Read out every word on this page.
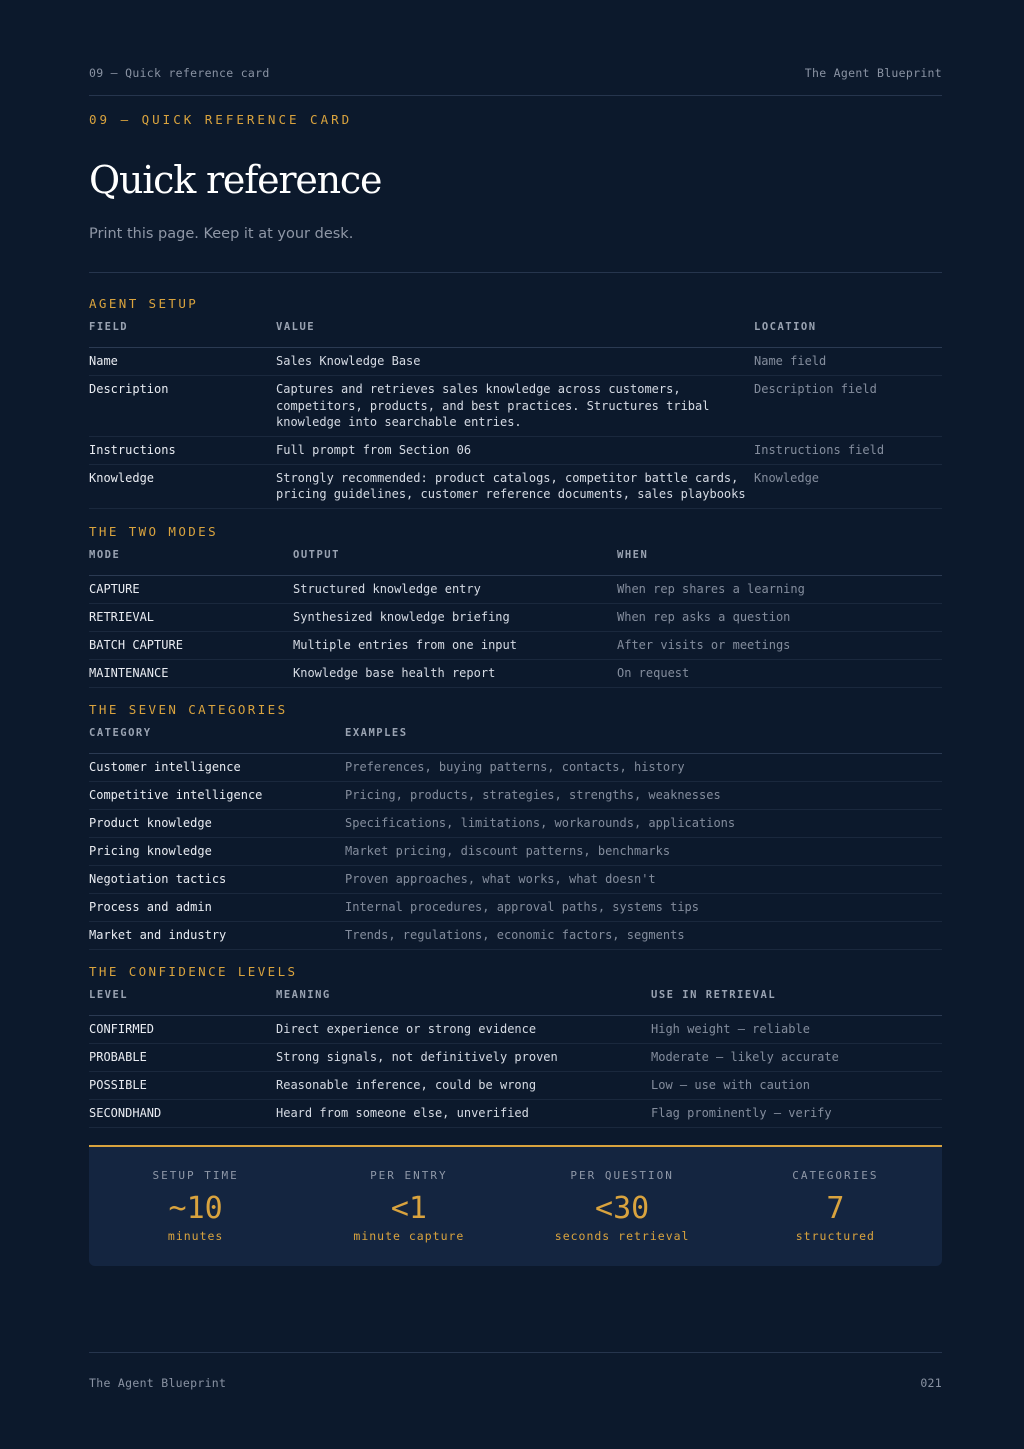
09 — Quick reference card	The Agent Blueprint
09 — QUICK REFERENCE CARD
Quick reference
Print this page. Keep it at your desk.
AGENT SETUP
FIELD	VALUE	LOCATION
Name	Sales Knowledge Base	Name field
Description	Captures and retrieves sales knowledge across customers, competitors, products, and best practices. Structures tribal knowledge into searchable entries.	Description field
Instructions	Full prompt from Section 06	Instructions field
Knowledge	Strongly recommended: product catalogs, competitor battle cards, pricing guidelines, customer reference documents, sales playbooks	Knowledge
THE TWO MODES
MODE	OUTPUT	WHEN
CAPTURE	Structured knowledge entry	When rep shares a learning
RETRIEVAL	Synthesized knowledge briefing	When rep asks a question
BATCH CAPTURE	Multiple entries from one input	After visits or meetings
MAINTENANCE	Knowledge base health report	On request
THE SEVEN CATEGORIES
CATEGORY	EXAMPLES
Customer intelligence	Preferences, buying patterns, contacts, history
Competitive intelligence	Pricing, products, strategies, strengths, weaknesses
Product knowledge	Specifications, limitations, workarounds, applications
Pricing knowledge	Market pricing, discount patterns, benchmarks
Negotiation tactics	Proven approaches, what works, what doesn't
Process and admin	Internal procedures, approval paths, systems tips
Market and industry	Trends, regulations, economic factors, segments
THE CONFIDENCE LEVELS
LEVEL	MEANING	USE IN RETRIEVAL
CONFIRMED	Direct experience or strong evidence	High weight — reliable
PROBABLE	Strong signals, not definitively proven	Moderate — likely accurate
POSSIBLE	Reasonable inference, could be wrong	Low — use with caution
SECONDHAND	Heard from someone else, unverified	Flag prominently — verify
SETUP TIME
~10
minutes
PER ENTRY
<1
minute capture
PER QUESTION
<30
seconds retrieval
CATEGORIES
7
structured
The Agent Blueprint	021
